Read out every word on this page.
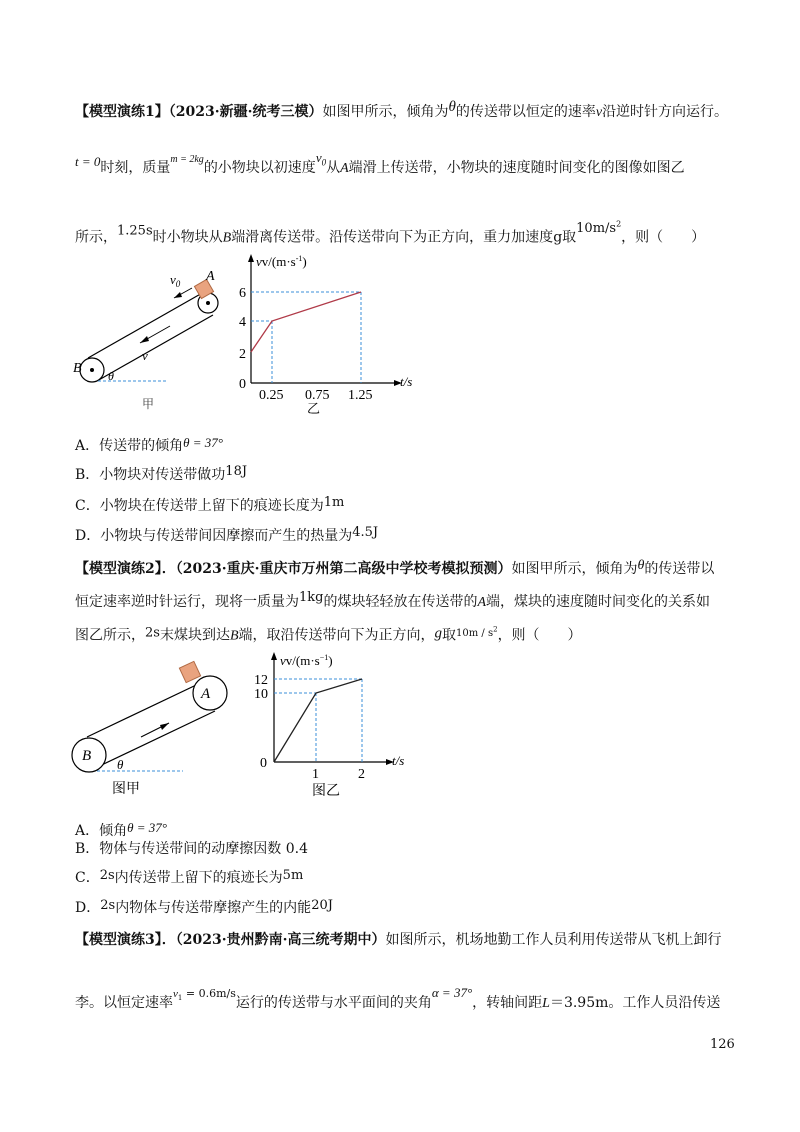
【模型演练1】（2023·新疆·统考三模）如图甲所示，倾角为θ的传送带以恒定的速率v沿逆时针方向运行。
t = 0时刻，质量$^{m = 2kg}$的小物块以初速度$v_0$从A端滑上传送带，小物块的速度随时间变化的图像如图乙
所示，1.25s时小物块从B端滑离传送带。沿传送带向下为正方向，重力加速度g取$10m/s^2$，则（　　）
$v_0$ A
B
v
θ
甲
$vv/(m\cdot s^{-1})$
t/s
6
4
2
0
0.25 0.75 1.25
乙
A．传送带的倾角θ = 37°
B．小物块对传送带做功18J
C．小物块在传送带上留下的痕迹长度为1m
D．小物块与传送带间因摩擦而产生的热量为4.5J
【模型演练2】．（2023·重庆·重庆市万州第二高级中学校考模拟预测）如图甲所示，倾角为θ的传送带以
恒定速率逆时针运行，现将一质量为1kg的煤块轻轻放在传送带的A端，煤块的速度随时间变化的关系如
图乙所示，2s末煤块到达B端，取沿传送带向下为正方向，g取$^{10m / s^2}$，则（　　）
A
B
θ
图甲
$vv/(m\cdot s^{-1})$
t/s
12
10
0
1	2
图乙
A．倾角θ = 37°
B．物体与传送带间的动摩擦因数 0.4
C．2s内传送带上留下的痕迹长为5m
D．2s内物体与传送带摩擦产生的内能20J
【模型演练3】．（2023·贵州黔南·高三统考期中）如图所示，机场地勤工作人员利用传送带从飞机上卸行
李。以恒定速率$^{v_1 = 0.6m/s}$运行的传送带与水平面间的夹角α = 37°，转轴间距L＝3.95m。工作人员沿传送
126
